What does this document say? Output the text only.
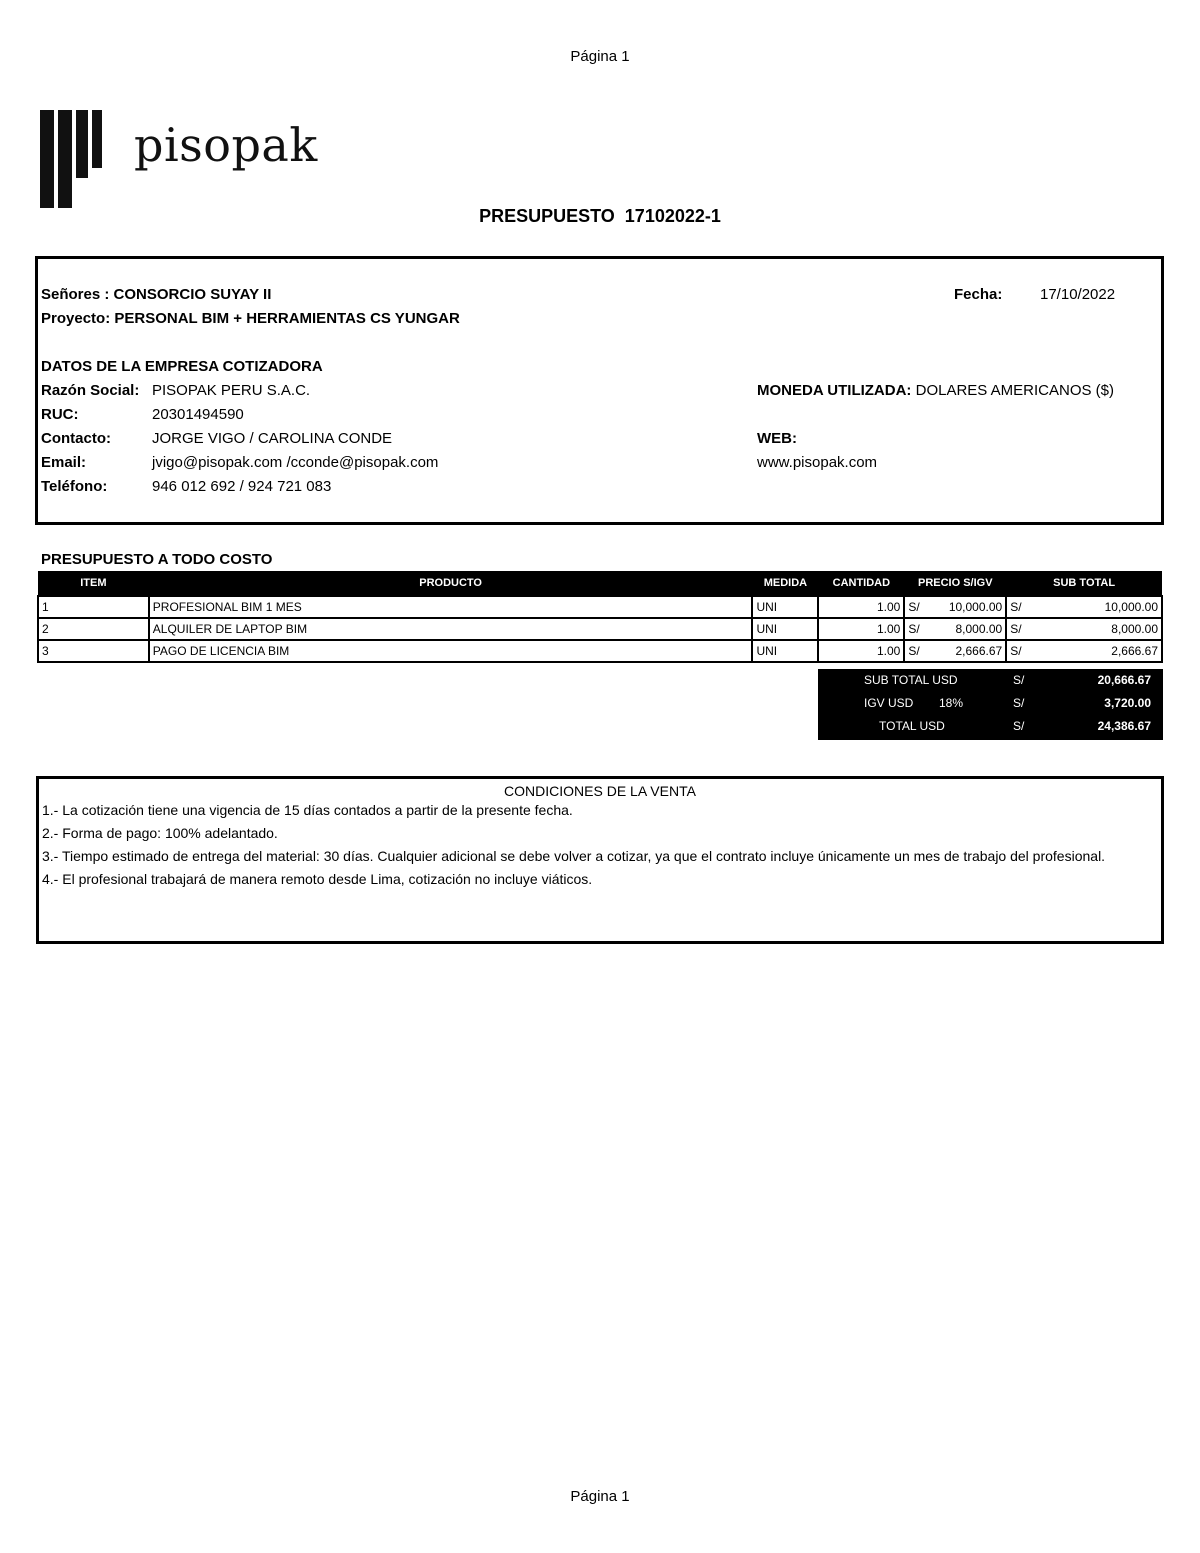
Página 1
pisopak
PRESUPUESTO  17102022-1
Señores : CONSORCIO SUYAY II	Fecha:	17/10/2022
Proyecto: PERSONAL BIM + HERRAMIENTAS CS YUNGAR
DATOS DE LA EMPRESA COTIZADORA
Razón Social: PISOPAK PERU S.A.C.
RUC:	20301494590
Contacto:	JORGE VIGO / CAROLINA CONDE
Email:	jvigo@pisopak.com /cconde@pisopak.com
Teléfono:	946 012 692 / 924 721 083
MONEDA UTILIZADA: DOLARES AMERICANOS ($)
WEB:
www.pisopak.com
PRESUPUESTO A TODO COSTO
ITEM	PRODUCTO	MEDIDA	CANTIDAD	PRECIO S/IGV	SUB TOTAL
1	PROFESIONAL BIM 1 MES	UNI	1.00	S/ 10,000.00	S/ 10,000.00

2	ALQUILER DE LAPTOP BIM	UNI	1.00	S/ 8,000.00	S/ 8,000.00

3	PAGO DE LICENCIA BIM	UNI	1.00	S/ 2,666.67	S/ 2,666.67
SUB TOTAL USD	S/	20,666.67
IGV USD 18%	S/	3,720.00
TOTAL USD	S/	24,386.67
CONDICIONES DE LA VENTA
1.- La cotización tiene una vigencia de 15 días contados a partir de la presente fecha.
2.- Forma de pago: 100% adelantado.
3.- Tiempo estimado de entrega del material: 30 días. Cualquier adicional se debe volver a cotizar, ya que el contrato incluye únicamente un mes de trabajo del profesional.
4.- El profesional trabajará de manera remoto desde Lima, cotización no incluye viáticos.
Página 1
